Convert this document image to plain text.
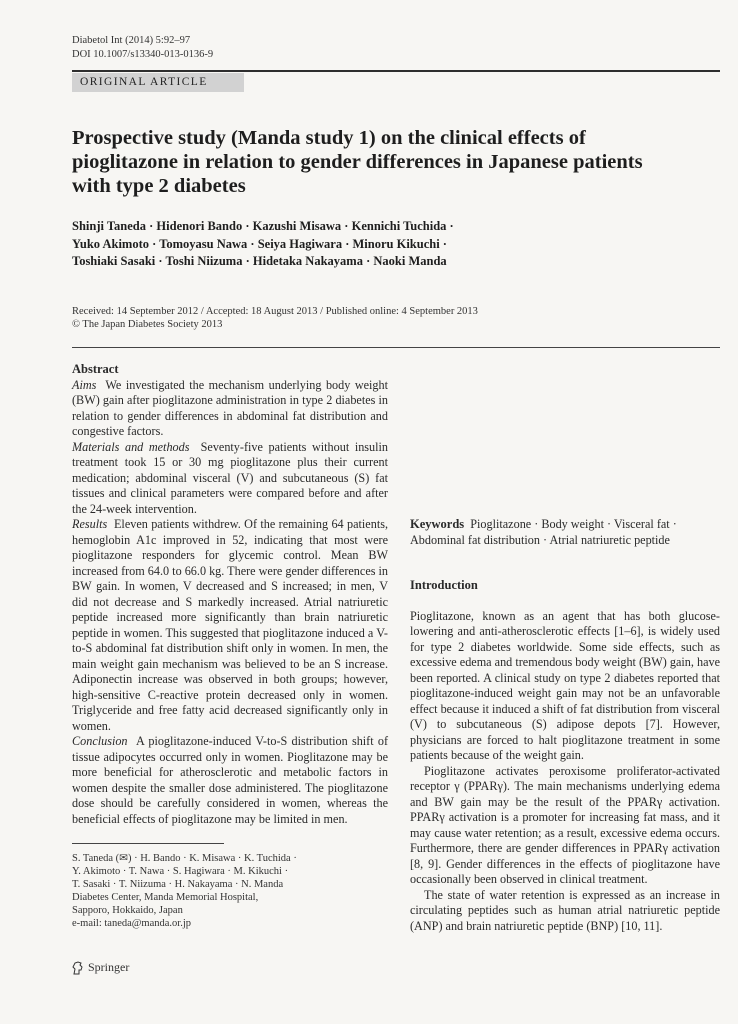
Diabetol Int (2014) 5:92–97
DOI 10.1007/s13340-013-0136-9
ORIGINAL ARTICLE
Prospective study (Manda study 1) on the clinical effects of pioglitazone in relation to gender differences in Japanese patients with type 2 diabetes
Shinji Taneda · Hidenori Bando · Kazushi Misawa · Kennichi Tuchida ·
Yuko Akimoto · Tomoyasu Nawa · Seiya Hagiwara · Minoru Kikuchi ·
Toshiaki Sasaki · Toshi Niizuma · Hidetaka Nakayama · Naoki Manda
Received: 14 September 2012 / Accepted: 18 August 2013 / Published online: 4 September 2013
© The Japan Diabetes Society 2013
Abstract

Aims We investigated the mechanism underlying body weight (BW) gain after pioglitazone administration in type 2 diabetes in relation to gender differences in abdominal fat distribution and congestive factors.

Materials and methods Seventy-five patients without insulin treatment took 15 or 30 mg pioglitazone plus their current medication; abdominal visceral (V) and subcutaneous (S) fat tissues and clinical parameters were compared before and after the 24-week intervention.

Results Eleven patients withdrew. Of the remaining 64 patients, hemoglobin A1c improved in 52, indicating that most were pioglitazone responders for glycemic control. Mean BW increased from 64.0 to 66.0 kg. There were gender differences in BW gain. In women, V decreased and S increased; in men, V did not decrease and S markedly increased. Atrial natriuretic peptide increased more significantly than brain natriuretic peptide in women. This suggested that pioglitazone induced a V-to-S abdominal fat distribution shift only in women. In men, the main weight gain mechanism was believed to be an S increase. Adiponectin increase was observed in both groups; however, high-sensitive C-reactive protein decreased only in women. Triglyceride and free fatty acid decreased significantly only in women.

Conclusion A pioglitazone-induced V-to-S distribution shift of tissue adipocytes occurred only in women. Pioglitazone may be more beneficial for atherosclerotic and metabolic factors in women despite the smaller dose administered. The pioglitazone dose should be carefully considered in women, whereas the beneficial effects of pioglitazone may be limited in men.

Keywords Pioglitazone · Body weight · Visceral fat · Abdominal fat distribution · Atrial natriuretic peptide

Introduction

Pioglitazone, known as an agent that has both glucose-lowering and anti-atherosclerotic effects [1–6], is widely used for type 2 diabetes worldwide. Some side effects, such as excessive edema and tremendous body weight (BW) gain, have been reported. A clinical study on type 2 diabetes reported that pioglitazone-induced weight gain may not be an unfavorable effect because it induced a shift of fat distribution from visceral (V) to subcutaneous (S) adipose depots [7]. However, physicians are forced to halt pioglitazone treatment in some patients because of the weight gain.

Pioglitazone activates peroxisome proliferator-activated receptor γ (PPARγ). The main mechanisms underlying edema and BW gain may be the result of the PPARγ activation. PPARγ activation is a promoter for increasing fat mass, and it may cause water retention; as a result, excessive edema occurs. Furthermore, there are gender differences in PPARγ activation [8, 9]. Gender differences in the effects of pioglitazone have occasionally been observed in clinical treatment.

The state of water retention is expressed as an increase in circulating peptides such as human atrial natriuretic peptide (ANP) and brain natriuretic peptide (BNP) [10, 11].

S. Taneda (✉) · H. Bando · K. Misawa · K. Tuchida ·
Y. Akimoto · T. Nawa · S. Hagiwara · M. Kikuchi ·
T. Sasaki · T. Niizuma · H. Nakayama · N. Manda
Diabetes Center, Manda Memorial Hospital,
Sapporo, Hokkaido, Japan
e-mail: taneda@manda.or.jp
Springer
